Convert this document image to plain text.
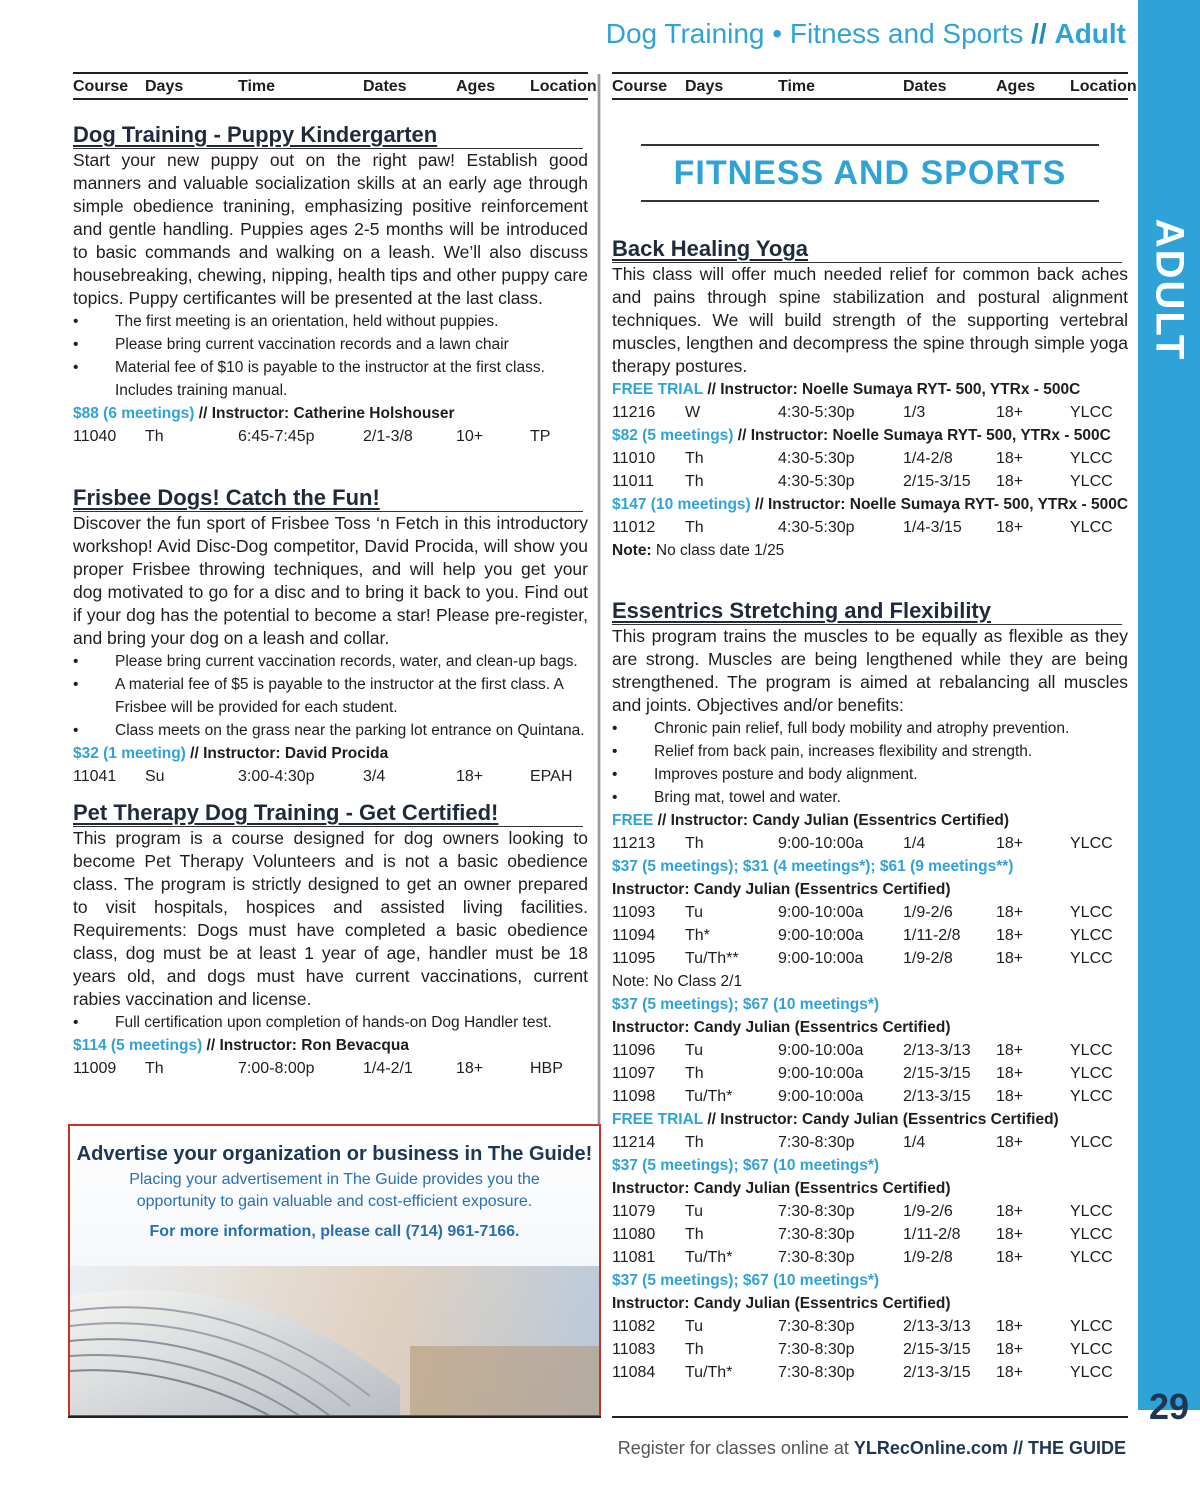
Dog Training • Fitness and Sports // Adult
ADULT
Course Days	Time	Dates	Ages Location
Dog Training - Puppy Kindergarten
Start your new puppy out on the right paw! Establish good manners and valuable socialization skills at an early age through simple obedience tranining, emphasizing positive reinforcement and gentle handling. Puppies ages 2-5 months will be introduced to basic commands and walking on a leash. We’ll also discuss housebreaking, chewing, nipping, health tips and other puppy care topics. Puppy certificantes will be presented at the last class.
• The first meeting is an orientation, held without puppies.
• Please bring current vaccination records and a lawn chair
• Material fee of $10 is payable to the instructor at the first class. Includes training manual.
$88 (6 meetings) // Instructor: Catherine Holshouser
11040 Th	6:45-7:45p	2/1-3/8	10+	TP
Frisbee Dogs! Catch the Fun!
Discover the fun sport of Frisbee Toss ‘n Fetch in this introductory workshop! Avid Disc-Dog competitor, David Procida, will show you proper Frisbee throwing techniques, and will help you get your dog motivated to go for a disc and to bring it back to you. Find out if your dog has the potential to become a star! Please pre-register, and bring your dog on a leash and collar.
• Please bring current vaccination records, water, and clean-up bags.
• A material fee of $5 is payable to the instructor at the first class. A Frisbee will be provided for each student.
• Class meets on the grass near the parking lot entrance on Quintana.
$32 (1 meeting) // Instructor: David Procida
11041 Su	3:00-4:30p	3/4	18+	EPAH
Pet Therapy Dog Training - Get Certified!
This program is a course designed for dog owners looking to become Pet Therapy Volunteers and is not a basic obedience class. The program is strictly designed to get an owner prepared to visit hospitals, hospices and assisted living facilities. Requirements: Dogs must have completed a basic obedience class, dog must be at least 1 year of age, handler must be 18 years old, and dogs must have current vaccinations, current rabies vaccination and license.
• Full certification upon completion of hands-on Dog Handler test.
$114 (5 meetings) // Instructor: Ron Bevacqua
11009 Th	7:00-8:00p	1/4-2/1	18+	HBP
Advertise your organization or business in The Guide!
Placing your advertisement in The Guide provides you the
opportunity to gain valuable and cost-efficient exposure.
For more information, please call (714) 961-7166.
Course Days	Time	Dates	Ages Location
FITNESS AND SPORTS
Back Healing Yoga
This class will offer much needed relief for common back aches and pains through spine stabilization and postural alignment techniques. We will build strength of the supporting vertebral muscles, lengthen and decompress the spine through simple yoga therapy postures.
FREE TRIAL // Instructor: Noelle Sumaya RYT- 500, YTRx - 500C
11216 W	4:30-5:30p	1/3	18+	YLCC
$82 (5 meetings) // Instructor: Noelle Sumaya RYT- 500, YTRx - 500C
11010 Th	4:30-5:30p	1/4-2/8	18+	YLCC
11011 Th	4:30-5:30p	2/15-3/15 18+	YLCC
$147 (10 meetings) // Instructor: Noelle Sumaya RYT- 500, YTRx - 500C
11012 Th	4:30-5:30p	1/4-3/15 18+	YLCC
Note: No class date 1/25
Essentrics Stretching and Flexibility
This program trains the muscles to be equally as flexible as they are strong. Muscles are being lengthened while they are being strengthened. The program is aimed at rebalancing all muscles and joints. Objectives and/or benefits:
• Chronic pain relief, full body mobility and atrophy prevention.
• Relief from back pain, increases flexibility and strength.
• Improves posture and body alignment.
• Bring mat, towel and water.
FREE // Instructor: Candy Julian (Essentrics Certified)
11213 Th	9:00-10:00a 1/4	18+	YLCC
$37 (5 meetings); $31 (4 meetings*); $61 (9 meetings**)
Instructor: Candy Julian (Essentrics Certified)
11093 Tu	9:00-10:00a 1/9-2/6	18+	YLCC
11094 Th*	9:00-10:00a 1/11-2/8 18+	YLCC
11095 Tu/Th** 9:00-10:00a 1/9-2/8	18+	YLCC
Note: No Class 2/1
$37 (5 meetings); $67 (10 meetings*)
Instructor: Candy Julian (Essentrics Certified)
11096 Tu	9:00-10:00a 2/13-3/13 18+	YLCC
11097 Th	9:00-10:00a 2/15-3/15 18+	YLCC
11098 Tu/Th*	9:00-10:00a 2/13-3/15 18+	YLCC
FREE TRIAL // Instructor: Candy Julian (Essentrics Certified)
11214 Th	7:30-8:30p	1/4	18+	YLCC
$37 (5 meetings); $67 (10 meetings*)
Instructor: Candy Julian (Essentrics Certified)
11079 Tu	7:30-8:30p	1/9-2/6	18+	YLCC
11080 Th	7:30-8:30p	1/11-2/8 18+	YLCC
11081 Tu/Th*	7:30-8:30p	1/9-2/8	18+	YLCC
$37 (5 meetings); $67 (10 meetings*)
Instructor: Candy Julian (Essentrics Certified)
11082 Tu	7:30-8:30p	2/13-3/13 18+	YLCC
11083 Th	7:30-8:30p	2/15-3/15 18+	YLCC
11084 Tu/Th*	7:30-8:30p	2/13-3/15 18+	YLCC
Register for classes online at YLRecOnline.com // THE GUIDE
29
